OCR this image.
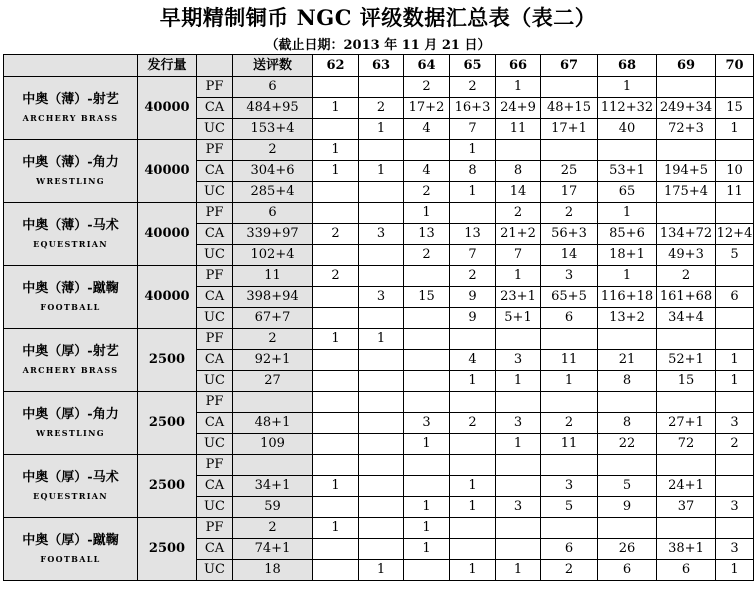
早期精制铜币 NGC 评级数据汇总表（表二）
（截止日期：2013 年 11 月 21 日）
	发行量		送评数	62	63	64	65	66	67	68	69	70

中奥（薄）-射艺
ARCHERY BRASS	40000	PF	6			2	2	1		1		
		CA	484+95	1	2	17+2	16+3	24+9	48+15	112+32	249+34	15
		UC	153+4		1	4	7	11	17+1	40	72+3	1

中奥（薄）-角力
WRESTLING	40000	PF	2	1			1					
		CA	304+6	1	1	4	8	8	25	53+1	194+5	10
		UC	285+4			2	1	14	17	65	175+4	11

中奥（薄）-马术
EQUESTRIAN	40000	PF	6			1		2	2	1		
		CA	339+97	2	3	13	13	21+2	56+3	85+6	134+72	12+4
		UC	102+4			2	7	7	14	18+1	49+3	5

中奥（薄）-蹴鞠
FOOTBALL	40000	PF	11	2			2	1	3	1	2	
		CA	398+94		3	15	9	23+1	65+5	116+18	161+68	6
		UC	67+7				9	5+1	6	13+2	34+4	

中奥（厚）-射艺
ARCHERY BRASS	2500	PF	2	1	1							
		CA	92+1				4	3	11	21	52+1	1
		UC	27				1	1	1	8	15	1

中奥（厚）-角力
WRESTLING	2500	PF										
		CA	48+1			3	2	3	2	8	27+1	3
		UC	109			1		1	11	22	72	2

中奥（厚）-马术
EQUESTRIAN	2500	PF										
		CA	34+1	1			1		3	5	24+1	
		UC	59			1	1	3	5	9	37	3

中奥（厚）-蹴鞠
FOOTBALL	2500	PF	2	1		1						
		CA	74+1			1			6	26	38+1	3
		UC	18		1		1	1	2	6	6	1
